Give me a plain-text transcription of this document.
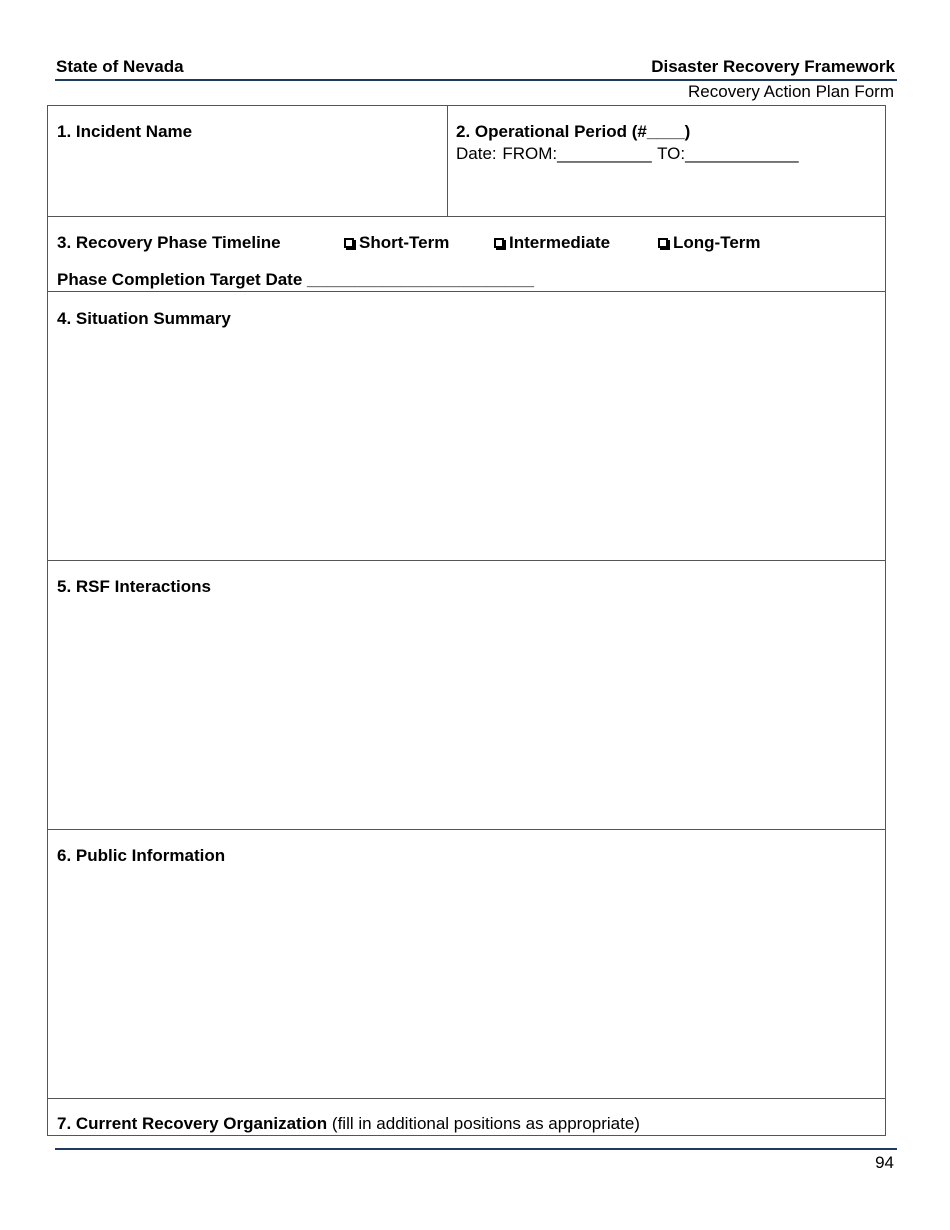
State of Nevada	Disaster Recovery Framework
Recovery Action Plan Form
1. Incident Name	2. Operational Period (#____)
Date: FROM:__________ TO:____________
3. Recovery Phase Timeline	Short-Term	Intermediate	Long-Term
Phase Completion Target Date ________________________
4. Situation Summary
5. RSF Interactions
6. Public Information
7. Current Recovery Organization (fill in additional positions as appropriate)
94
